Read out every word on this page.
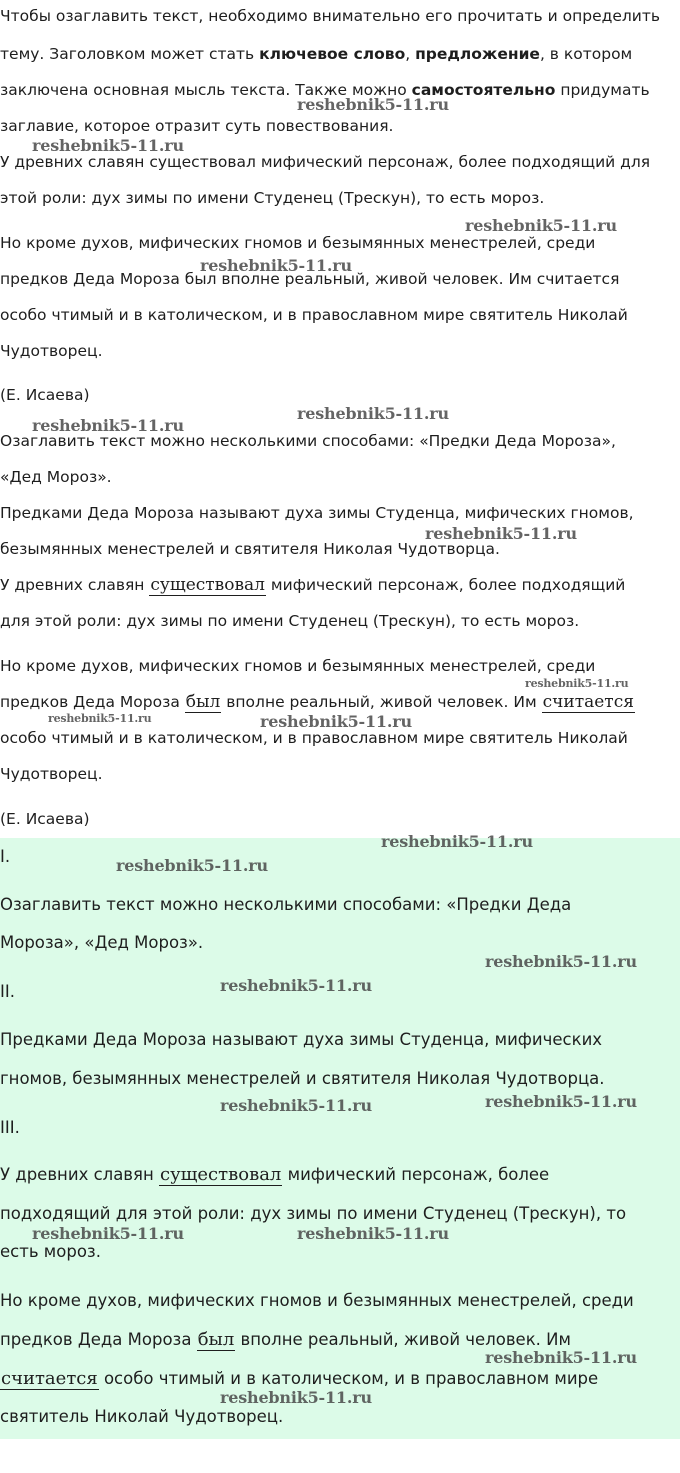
Чтобы озаглавить текст, необходимо внимательно его прочитать и определить
тему. Заголовком может стать ключевое слово, предложение, в котором
заключена основная мысль текста. Также можно самостоятельно придумать
заглавие, которое отразит суть повествования.
У древних славян существовал мифический персонаж, более подходящий для
этой роли: дух зимы по имени Студенец (Трескун), то есть мороз.
Но кроме духов, мифических гномов и безымянных менестрелей, среди
предков Деда Мороза был вполне реальный, живой человек. Им считается
особо чтимый и в католическом, и в православном мире святитель Николай
Чудотворец.
(Е. Исаева)
Озаглавить текст можно несколькими способами: «Предки Деда Мороза»,
«Дед Мороз».
Предками Деда Мороза называют духа зимы Студенца, мифических гномов,
безымянных менестрелей и святителя Николая Чудотворца.
У древних славян существовал мифический персонаж, более подходящий
для этой роли: дух зимы по имени Студенец (Трескун), то есть мороз.
Но кроме духов, мифических гномов и безымянных менестрелей, среди
предков Деда Мороза был вполне реальный, живой человек. Им считается
особо чтимый и в католическом, и в православном мире святитель Николай
Чудотворец.
(Е. Исаева)
I.
Озаглавить текст можно несколькими способами: «Предки Деда
Мороза», «Дед Мороз».
II.
Предками Деда Мороза называют духа зимы Студенца, мифических
гномов, безымянных менестрелей и святителя Николая Чудотворца.
III.
У древних славян существовал мифический персонаж, более
подходящий для этой роли: дух зимы по имени Студенец (Трескун), то
есть мороз.
Но кроме духов, мифических гномов и безымянных менестрелей, среди
предков Деда Мороза был вполне реальный, живой человек. Им
считается особо чтимый и в католическом, и в православном мире
святитель Николай Чудотворец.
reshebnik5-11.ru
reshebnik5-11.ru
reshebnik5-11.ru
reshebnik5-11.ru
reshebnik5-11.ru
reshebnik5-11.ru
reshebnik5-11.ru
reshebnik5-11.ru
reshebnik5-11.ru	reshebnik5-11.ru
reshebnik5-11.ru
reshebnik5-11.ru
reshebnik5-11.ru
reshebnik5-11.ru
reshebnik5-11.ru	reshebnik5-11.ru
reshebnik5-11.ru	reshebnik5-11.ru
reshebnik5-11.ru
reshebnik5-11.ru
